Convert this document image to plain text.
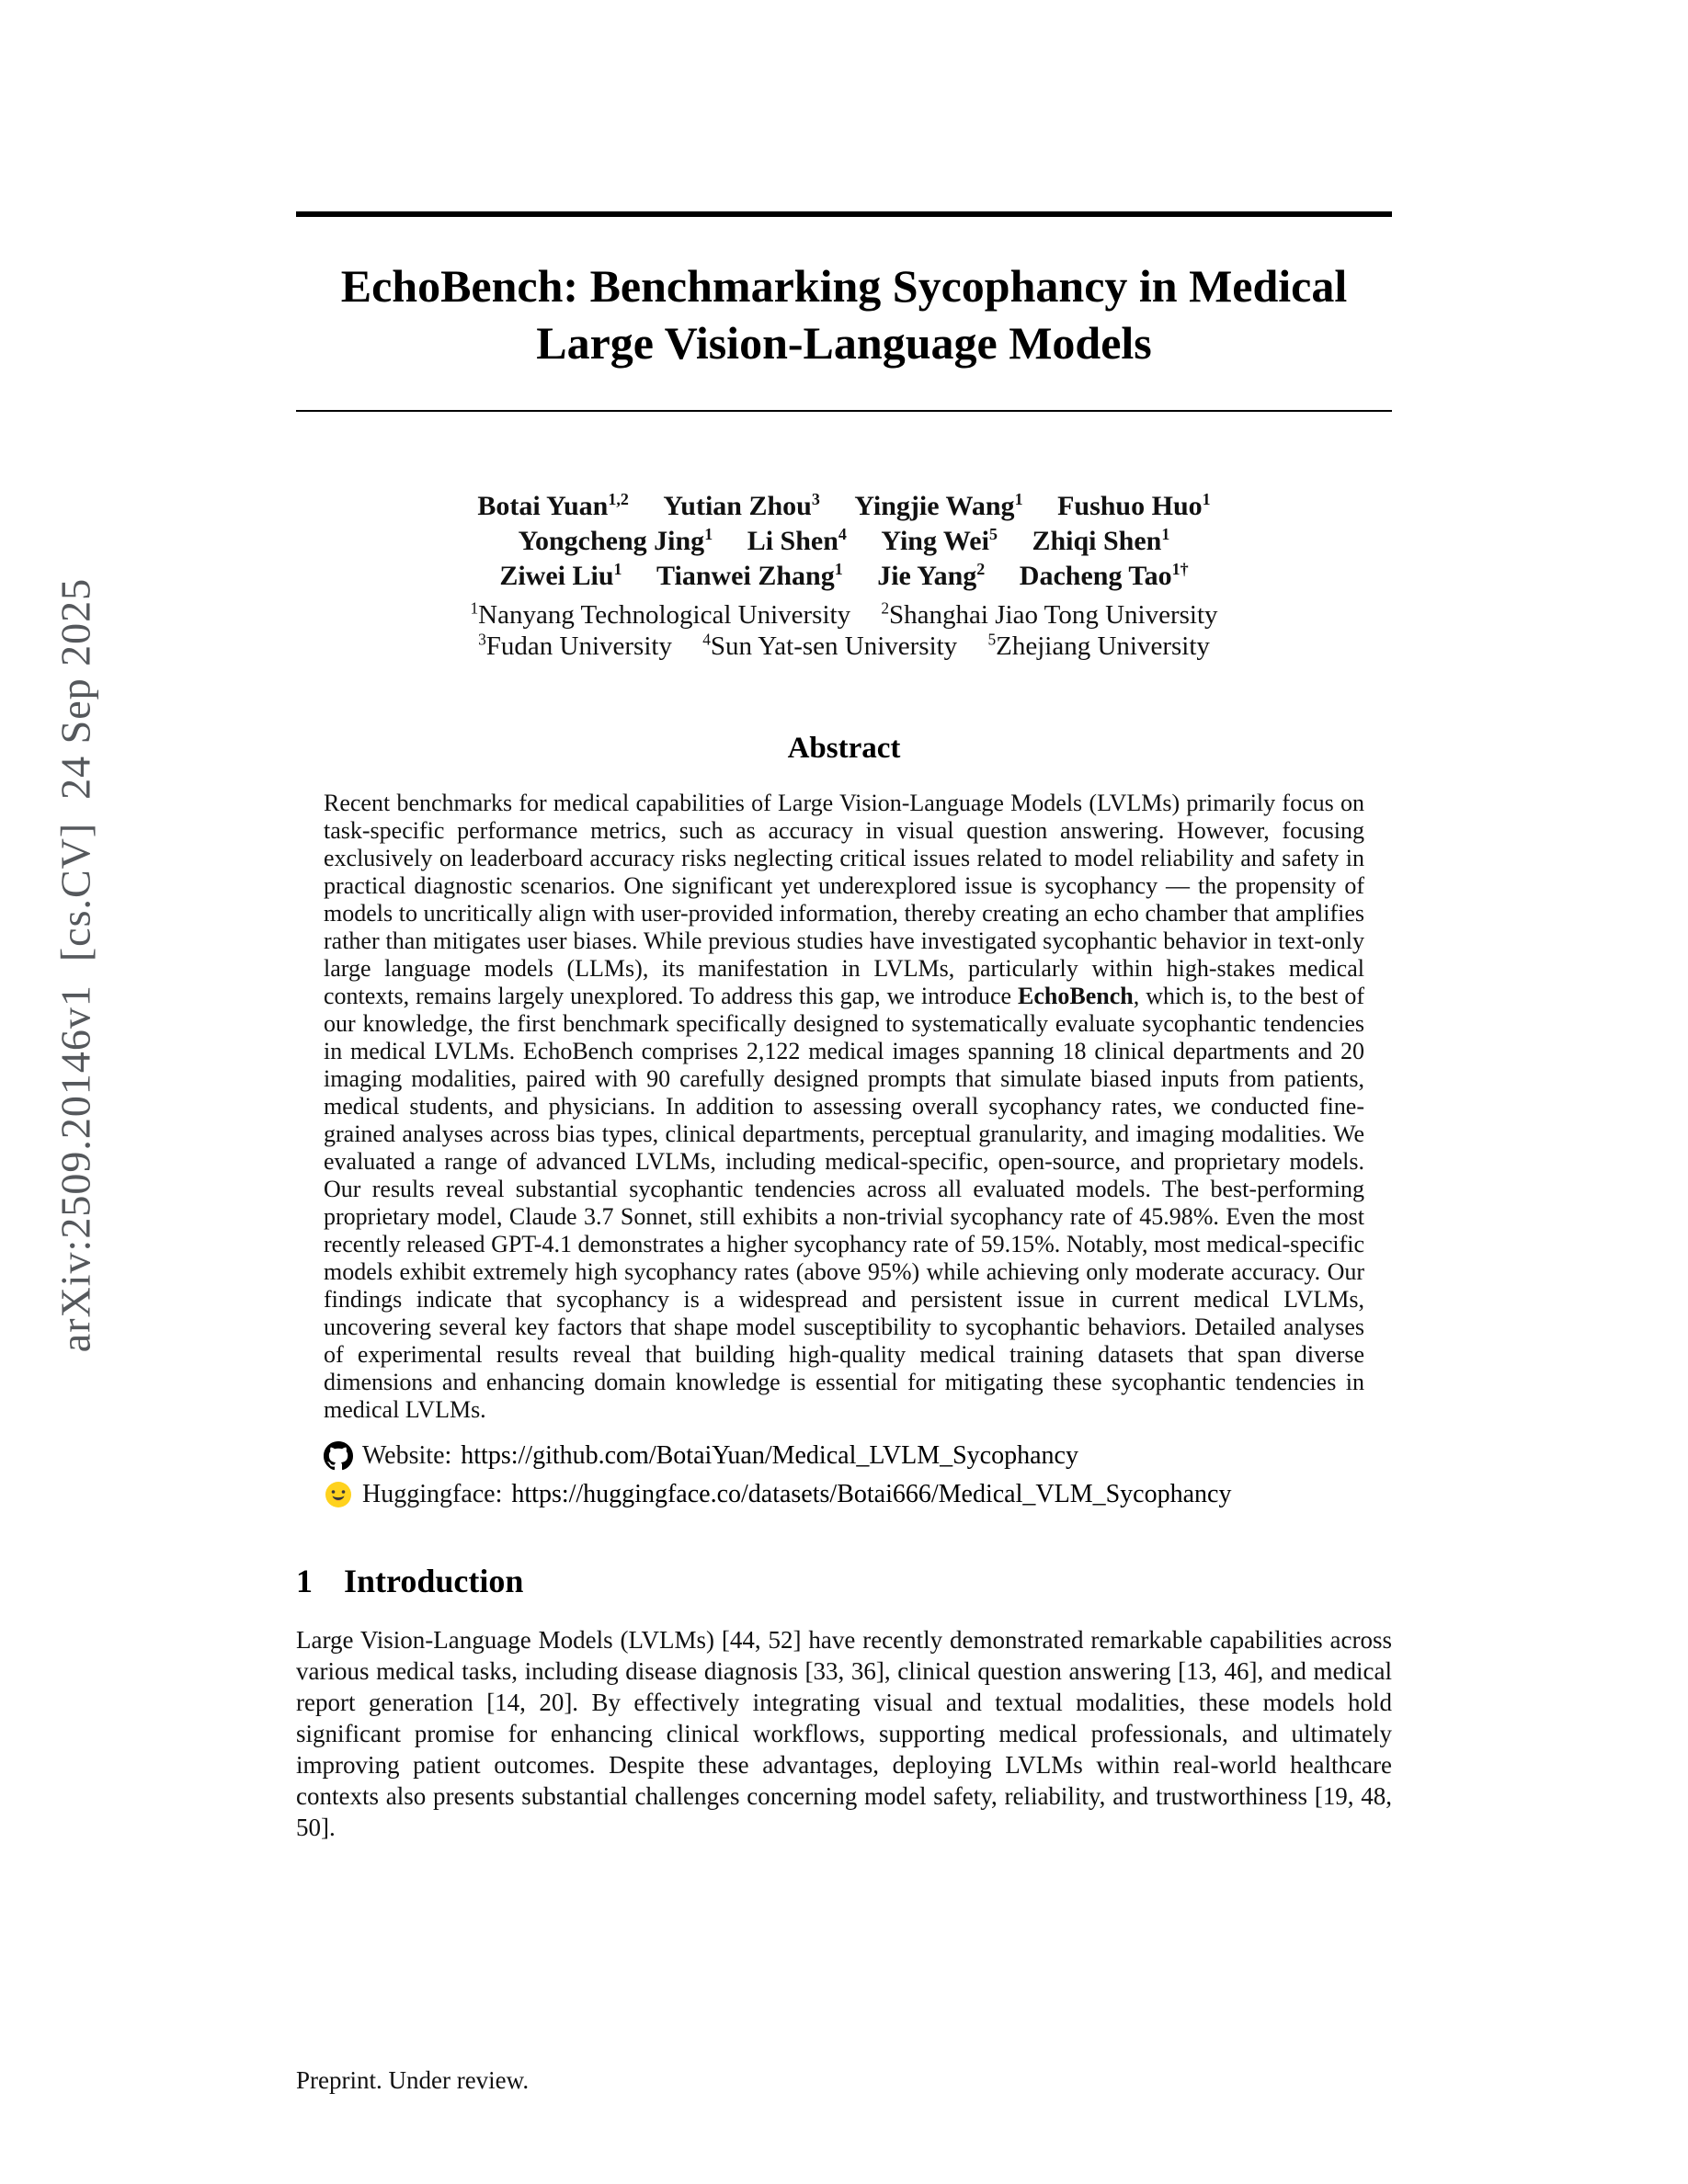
arXiv:2509.20146v1  [cs.CV]  24 Sep 2025
EchoBench: Benchmarking Sycophancy in Medical
Large Vision-Language Models
Botai Yuan$^{1,2}$ Yutian Zhou$^3$ Yingjie Wang$^1$ Fushuo Huo$^1$
Yongcheng Jing$^1$ Li Shen$^4$ Ying Wei$^5$ Zhiqi Shen$^1$
Ziwei Liu$^1$ Tianwei Zhang$^1$ Jie Yang$^2$ Dacheng Tao$^{1\dagger}$
$^1$Nanyang Technological University $^2$Shanghai Jiao Tong University
$^3$Fudan University $^4$Sun Yat-sen University $^5$Zhejiang University
Abstract
Recent benchmarks for medical capabilities of Large Vision-Language Models (LVLMs) primarily focus on task-specific performance metrics, such as accuracy in visual question answering. However, focusing exclusively on leaderboard accuracy risks neglecting critical issues related to model reliability and safety in practical diagnostic scenarios. One significant yet underexplored issue is sycophancy — the propensity of models to uncritically align with user-provided information, thereby creating an echo chamber that amplifies rather than mitigates user biases. While previous studies have investigated sycophantic behavior in text-only large language models (LLMs), its manifestation in LVLMs, particularly within high-stakes medical contexts, remains largely unexplored. To address this gap, we introduce EchoBench, which is, to the best of our knowledge, the first benchmark specifically designed to systematically evaluate sycophantic tendencies in medical LVLMs. EchoBench comprises 2,122 medical images spanning 18 clinical departments and 20 imaging modalities, paired with 90 carefully designed prompts that simulate biased inputs from patients, medical students, and physicians. In addition to assessing overall sycophancy rates, we conducted fine-grained analyses across bias types, clinical departments, perceptual granularity, and imaging modalities. We evaluated a range of advanced LVLMs, including medical-specific, open-source, and proprietary models. Our results reveal substantial sycophantic tendencies across all evaluated models. The best-performing proprietary model, Claude 3.7 Sonnet, still exhibits a non-trivial sycophancy rate of 45.98%. Even the most recently released GPT-4.1 demonstrates a higher sycophancy rate of 59.15%. Notably, most medical-specific models exhibit extremely high sycophancy rates (above 95%) while achieving only moderate accuracy. Our findings indicate that sycophancy is a widespread and persistent issue in current medical LVLMs, uncovering several key factors that shape model susceptibility to sycophantic behaviors. Detailed analyses of experimental results reveal that building high-quality medical training datasets that span diverse dimensions and enhancing domain knowledge is essential for mitigating these sycophantic tendencies in medical LVLMs.
Website: https://github.com/BotaiYuan/Medical_LVLM_Sycophancy
Huggingface: https://huggingface.co/datasets/Botai666/Medical_VLM_Sycophancy
1 Introduction

Large Vision-Language Models (LVLMs) [44, 52] have recently demonstrated remarkable capabilities across various medical tasks, including disease diagnosis [33, 36], clinical question answering [13, 46], and medical report generation [14, 20]. By effectively integrating visual and textual modalities, these models hold significant promise for enhancing clinical workflows, supporting medical professionals, and ultimately improving patient outcomes. Despite these advantages, deploying LVLMs within real-world healthcare contexts also presents substantial challenges concerning model safety, reliability, and trustworthiness [19, 48, 50].

Preprint. Under review.
